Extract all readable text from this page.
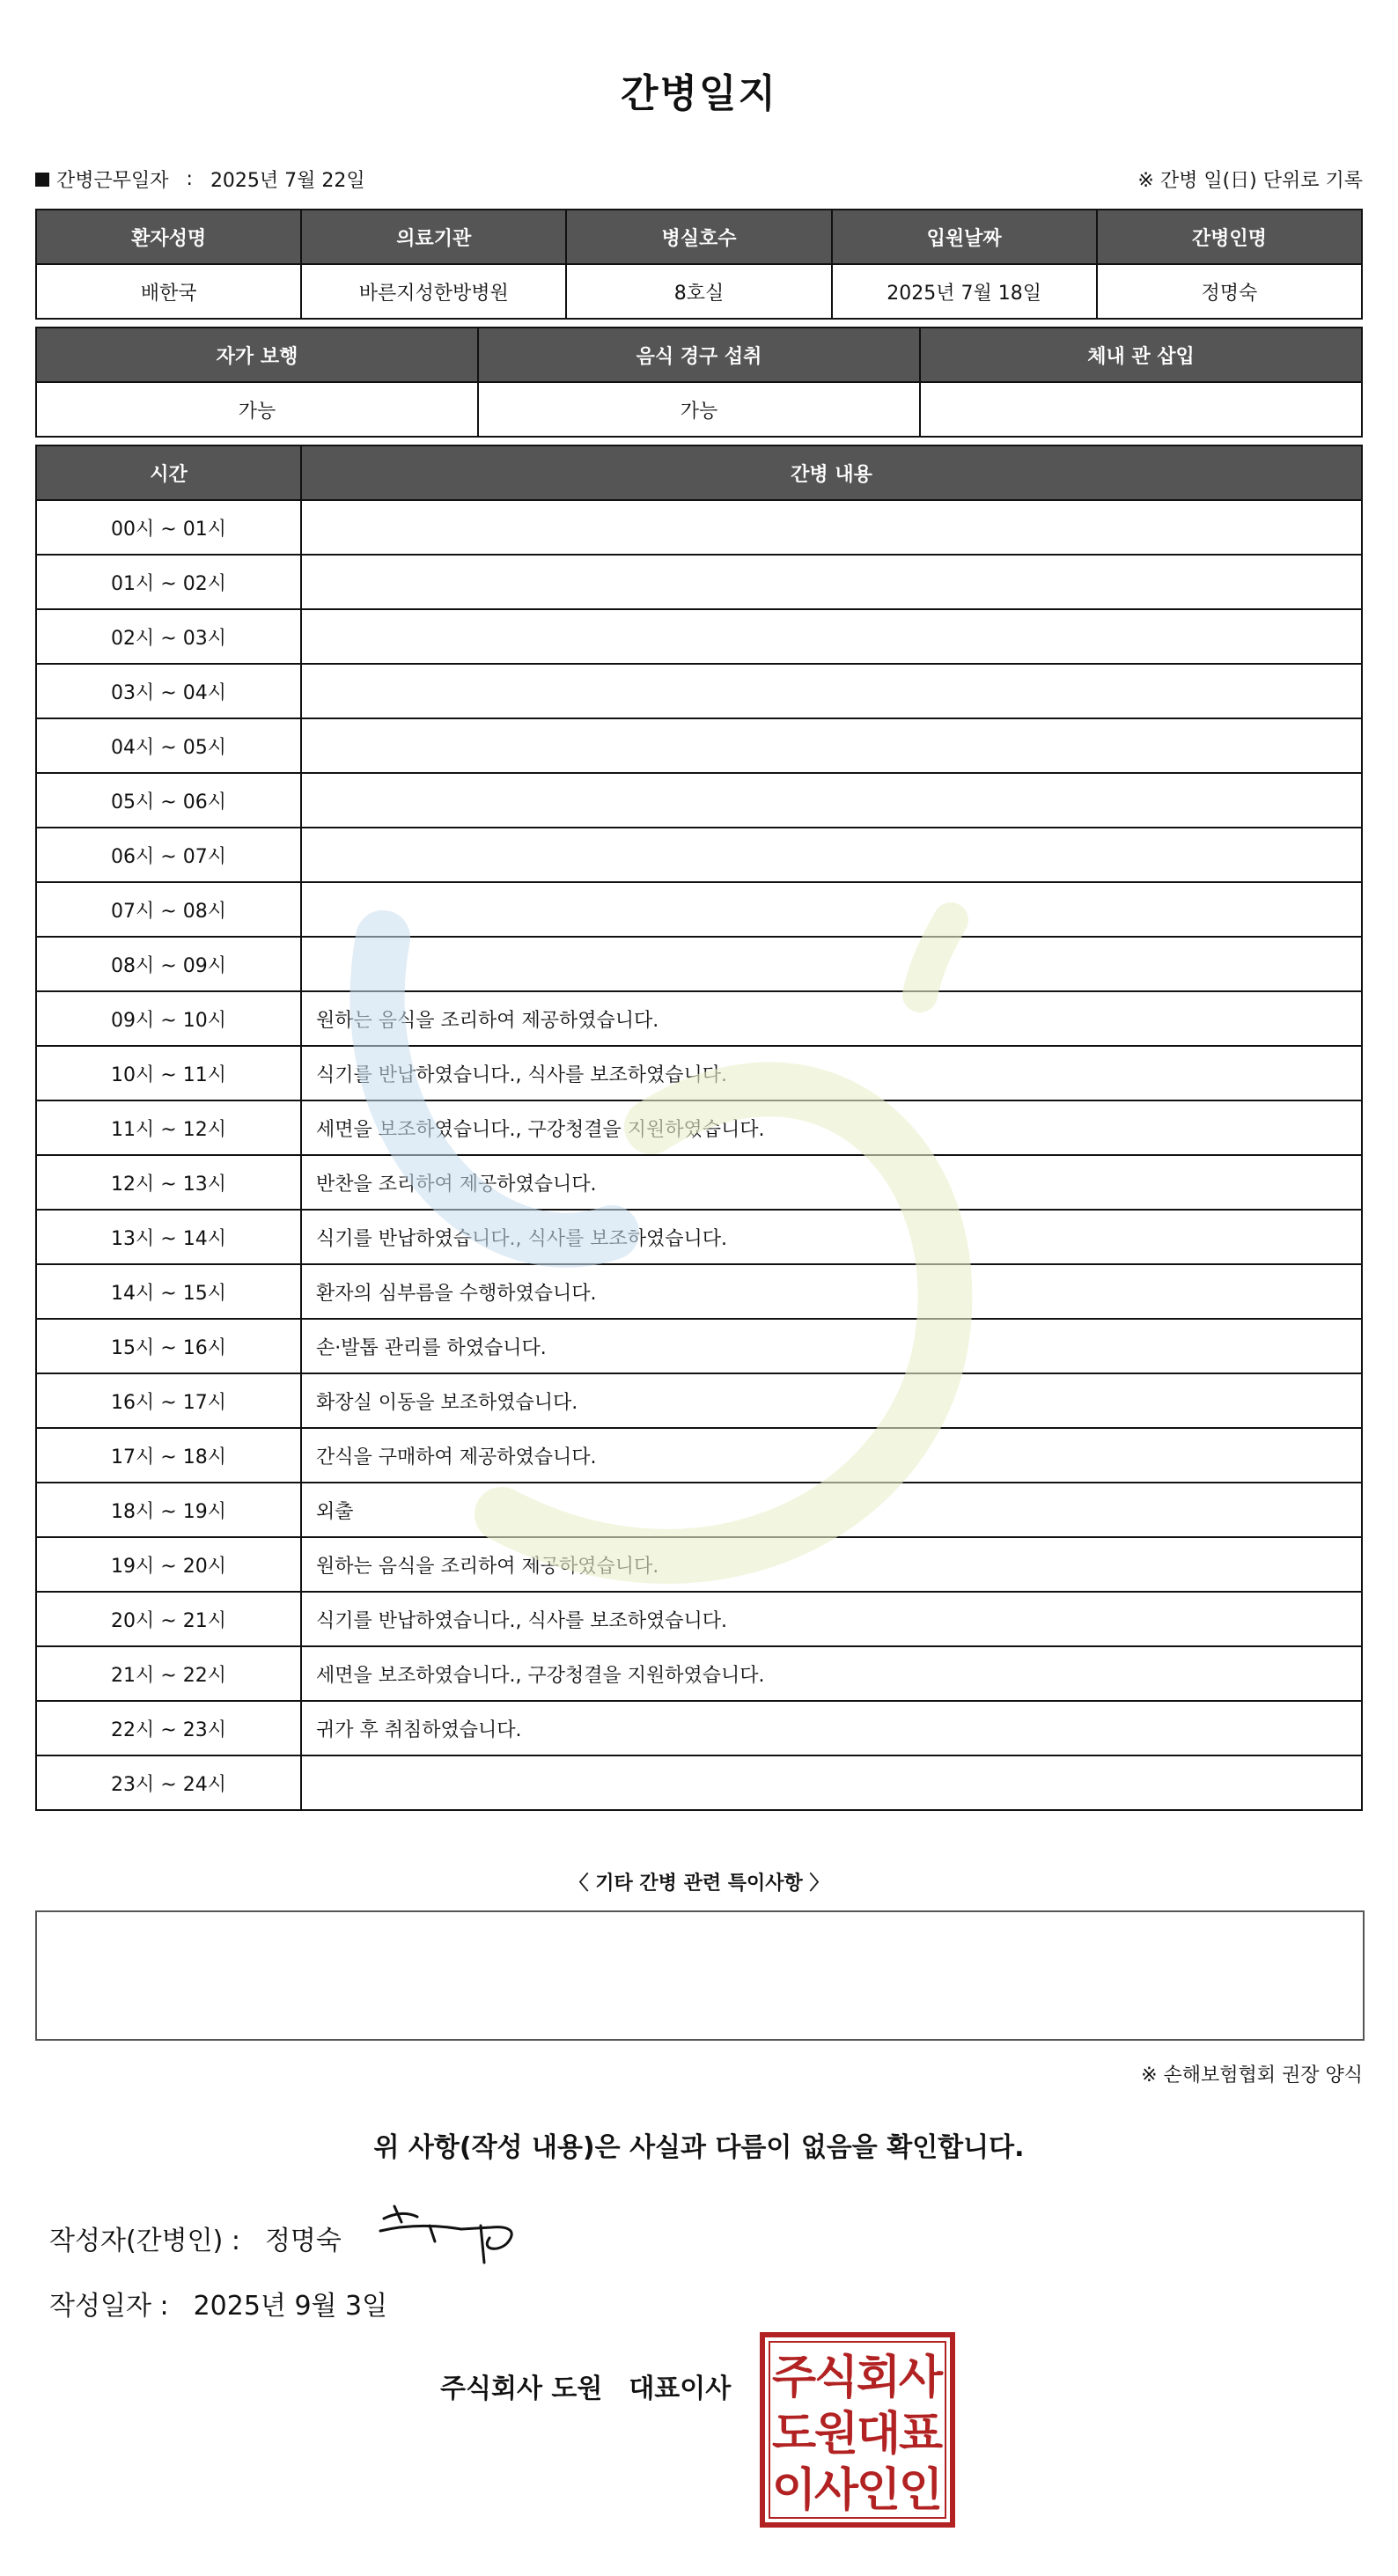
간병일지
간병근무일자 : 2025년 7월 22일	※ 간병 일(日) 단위로 기록
환자성명	의료기관	병실호수	입원날짜	간병인명
배한국	바른지성한방병원	8호실	2025년 7월 18일	정명숙
자가 보행	음식 경구 섭취	체내 관 삽입
가능	가능	
시간	간병 내용
00시 ~ 01시	
01시 ~ 02시	
02시 ~ 03시	
03시 ~ 04시	
04시 ~ 05시	
05시 ~ 06시	
06시 ~ 07시	
07시 ~ 08시	
08시 ~ 09시	
09시 ~ 10시	원하는 음식을 조리하여 제공하였습니다.
10시 ~ 11시	식기를 반납하였습니다., 식사를 보조하였습니다.
11시 ~ 12시	세면을 보조하였습니다., 구강청결을 지원하였습니다.
12시 ~ 13시	반찬을 조리하여 제공하였습니다.
13시 ~ 14시	식기를 반납하였습니다., 식사를 보조하였습니다.
14시 ~ 15시	환자의 심부름을 수행하였습니다.
15시 ~ 16시	손·발톱 관리를 하였습니다.
16시 ~ 17시	화장실 이동을 보조하였습니다.
17시 ~ 18시	간식을 구매하여 제공하였습니다.
18시 ~ 19시	외출
19시 ~ 20시	원하는 음식을 조리하여 제공하였습니다.
20시 ~ 21시	식기를 반납하였습니다., 식사를 보조하였습니다.
21시 ~ 22시	세면을 보조하였습니다., 구강청결을 지원하였습니다.
22시 ~ 23시	귀가 후 취침하였습니다.
23시 ~ 24시	
〈 기타 간병 관련 특이사항 〉
※ 손해보험협회 권장 양식
위 사항(작성 내용)은 사실과 다름이 없음을 확인합니다.
작성자(간병인) : 정명숙
작성일자 : 2025년 9월 3일
주식회사 도원 대표이사 주
식
회
사
도
원
대
표
이
사
인
인
